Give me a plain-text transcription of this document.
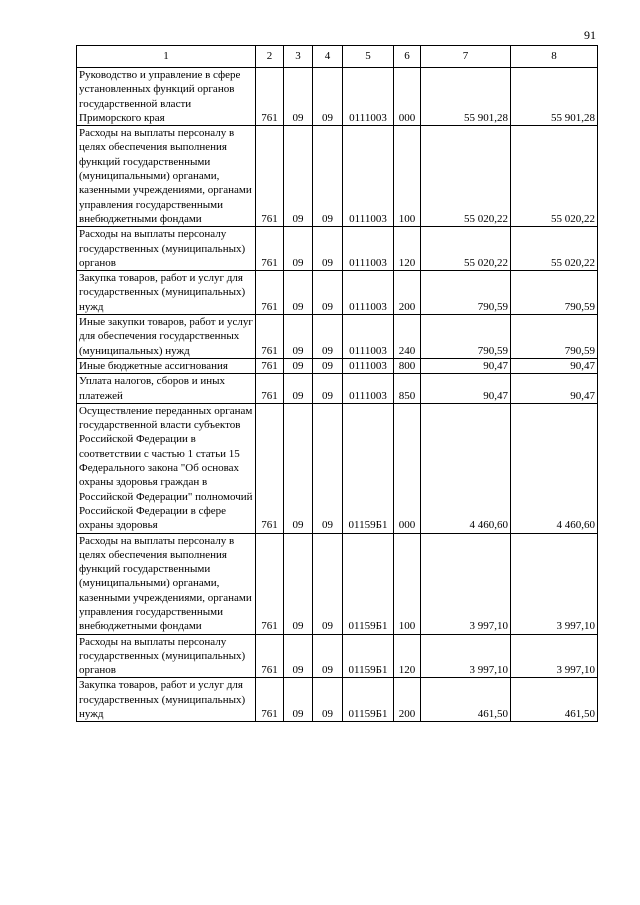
91
1	2	3	4	5	6	7	8
Руководство и управление в сфере установленных функций органов государственной власти Приморского края	761	09	09	0111003	000	55 901,28	55 901,28
Расходы на выплаты персоналу в целях обеспечения выполнения функций государственными (муниципальными) органами, казенными учреждениями, органами управления государственными внебюджетными фондами	761	09	09	0111003	100	55 020,22	55 020,22
Расходы на выплаты персоналу государственных (муниципальных) органов	761	09	09	0111003	120	55 020,22	55 020,22
Закупка товаров, работ и услуг для государственных (муниципальных) нужд	761	09	09	0111003	200	790,59	790,59
Иные закупки товаров, работ и услуг для обеспечения государственных (муниципальных) нужд	761	09	09	0111003	240	790,59	790,59
Иные бюджетные ассигнования	761	09	09	0111003	800	90,47	90,47
Уплата налогов, сборов и иных платежей	761	09	09	0111003	850	90,47	90,47
Осуществление переданных органам государственной власти субъектов Российской Федерации в соответствии с частью 1 статьи 15 Федерального закона "Об основах охраны здоровья граждан в Российской Федерации" полномочий Российской Федерации в сфере охраны здоровья	761	09	09	01159Б1	000	4 460,60	4 460,60
Расходы на выплаты персоналу в целях обеспечения выполнения функций государственными (муниципальными) органами, казенными учреждениями, органами управления государственными внебюджетными фондами	761	09	09	01159Б1	100	3 997,10	3 997,10
Расходы на выплаты персоналу государственных (муниципальных) органов	761	09	09	01159Б1	120	3 997,10	3 997,10
Закупка товаров, работ и услуг для государственных (муниципальных) нужд	761	09	09	01159Б1	200	461,50	461,50
